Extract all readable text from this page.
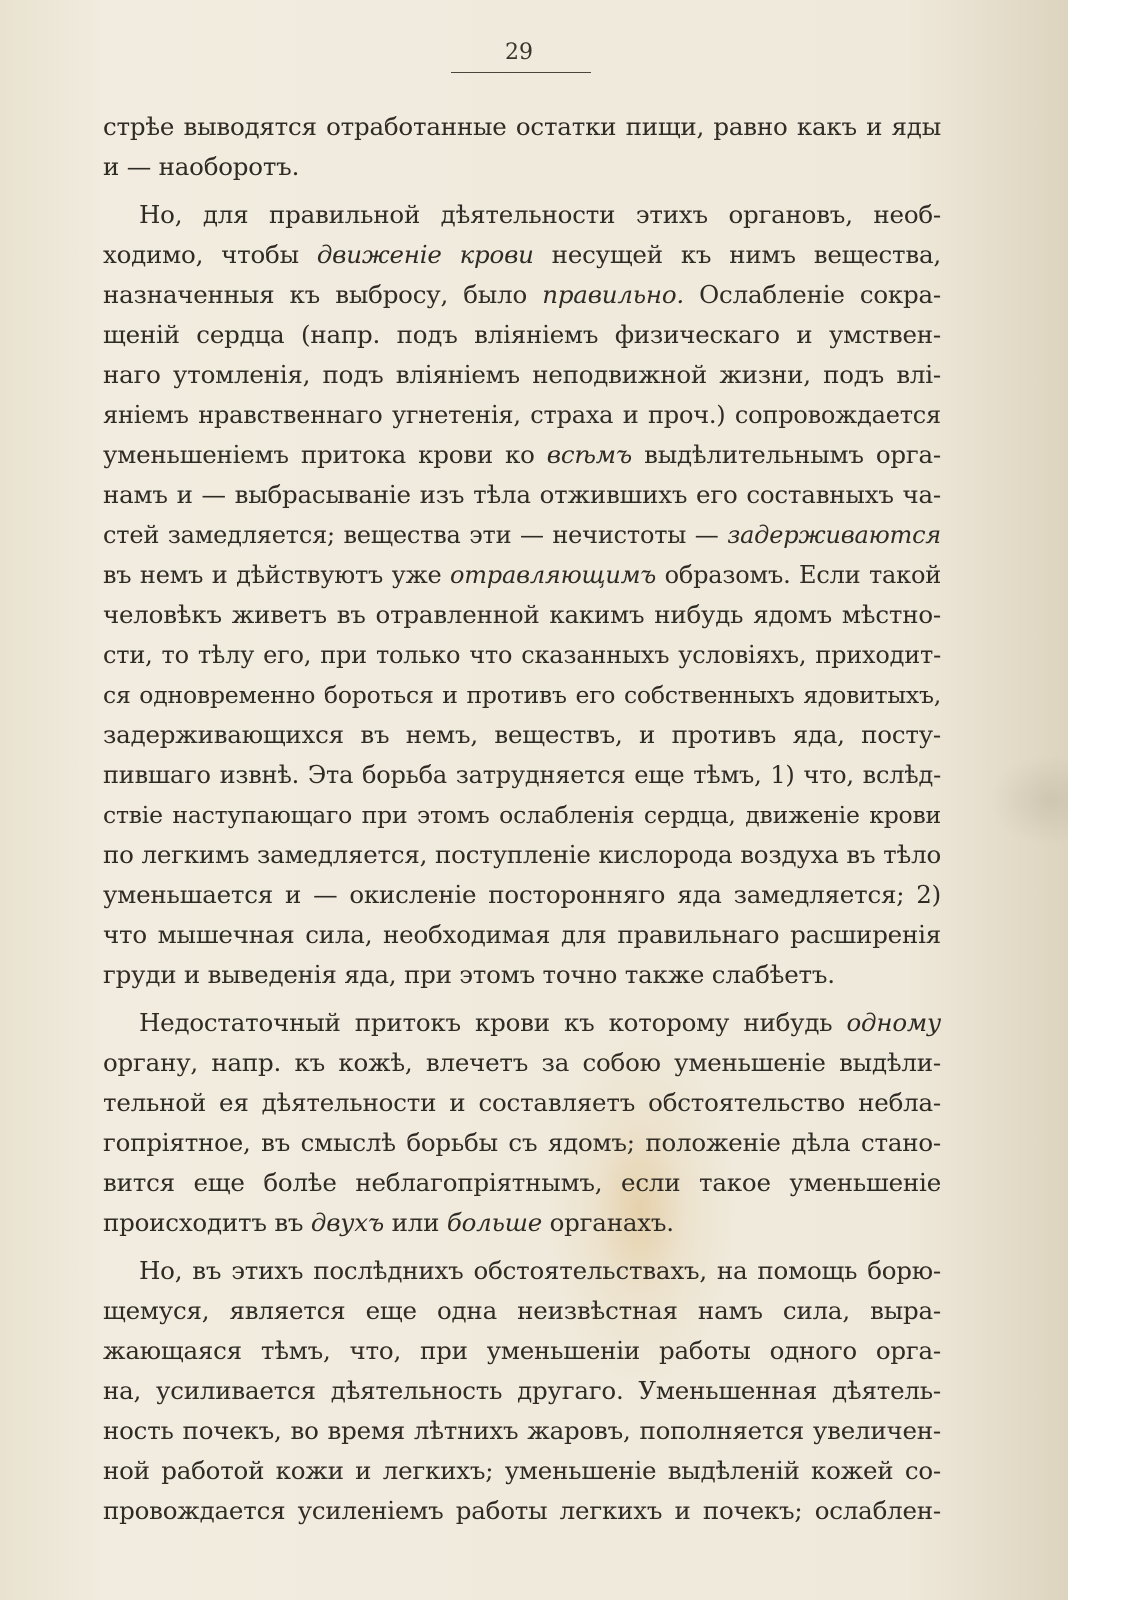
29
стрѣе выводятся отработанные остатки пищи, равно какъ и яды
и — наоборотъ.
Но, для правильной дѣятельности этихъ органовъ, необ-
ходимо, чтобы движеніе крови несущей къ нимъ вещества,
назначенныя къ выбросу, было правильно. Ослабленіе сокра-
щеній сердца (напр. подъ вліяніемъ физическаго и умствен-
наго утомленія, подъ вліяніемъ неподвижной жизни, подъ влі-
яніемъ нравственнаго угнетенія, страха и проч.) сопровождается
уменьшеніемъ притока крови ко всѣмъ выдѣлительнымъ орга-
намъ и — выбрасываніе изъ тѣла отжившихъ его составныхъ ча-
стей замедляется; вещества эти — нечистоты — задерживаются
въ немъ и дѣйствуютъ уже отравляющимъ образомъ. Если такой
человѣкъ живетъ въ отравленной какимъ нибудь ядомъ мѣстно-
сти, то тѣлу его, при только что сказанныхъ условіяхъ, приходит-
ся одновременно бороться и противъ его собственныхъ ядовитыхъ,
задерживающихся въ немъ, веществъ, и противъ яда, посту-
пившаго извнѣ. Эта борьба затрудняется еще тѣмъ, 1) что, вслѣд-
ствіе наступающаго при этомъ ослабленія сердца, движеніе крови
по легкимъ замедляется, поступленіе кислорода воздуха въ тѣло
уменьшается и — окисленіе посторонняго яда замедляется; 2)
что мышечная сила, необходимая для правильнаго расширенія
груди и выведенія яда, при этомъ точно также слабѣетъ.
Недостаточный притокъ крови къ которому нибудь одному
органу, напр. къ кожѣ, влечетъ за собою уменьшеніе выдѣли-
тельной ея дѣятельности и составляетъ обстоятельство небла-
гопріятное, въ смыслѣ борьбы съ ядомъ; положеніе дѣла стано-
вится еще болѣе неблагопріятнымъ, если такое уменьшеніе
происходитъ въ двухъ или больше органахъ.
Но, въ этихъ послѣднихъ обстоятельствахъ, на помощь борю-
щемуся, является еще одна неизвѣстная намъ сила, выра-
жающаяся тѣмъ, что, при уменьшеніи работы одного орга-
на, усиливается дѣятельность другаго. Уменьшенная дѣятель-
ность почекъ, во время лѣтнихъ жаровъ, пополняется увеличен-
ной работой кожи и легкихъ; уменьшеніе выдѣленій кожей со-
провождается усиленіемъ работы легкихъ и почекъ; ослаблен-
